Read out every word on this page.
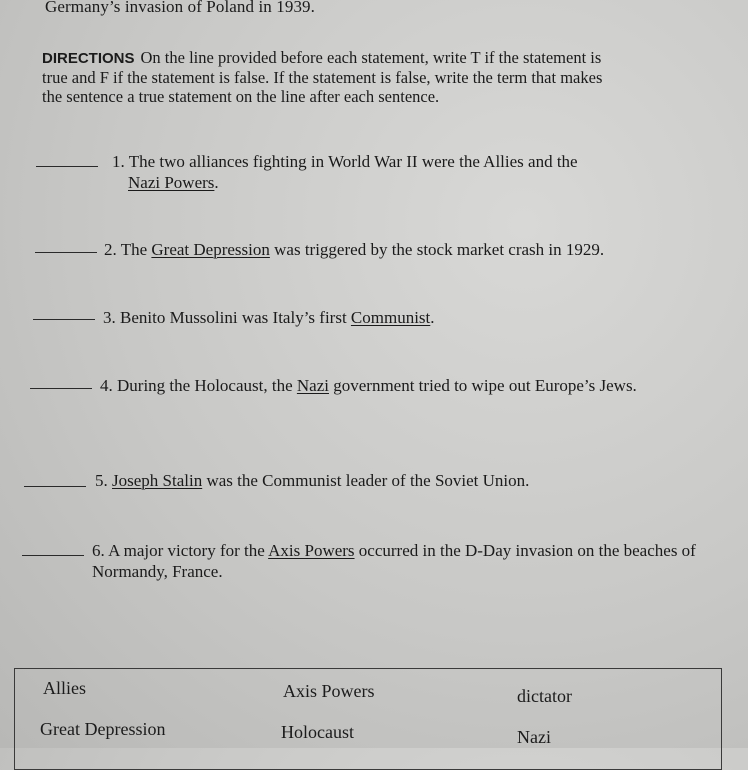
Germany’s invasion of Poland in 1939.
DIRECTIONS On the line provided before each statement, write T if the statement is true and F if the statement is false. If the statement is false, write the term that makes the sentence a true statement on the line after each sentence.
1. The two alliances fighting in World War II were the Allies and the
Nazi Powers.
2. The Great Depression was triggered by the stock market crash in 1929.
3. Benito Mussolini was Italy’s first Communist.
4. During the Holocaust, the Nazi government tried to wipe out Europe’s Jews.
5. Joseph Stalin was the Communist leader of the Soviet Union.
6. A major victory for the Axis Powers occurred in the D-Day invasion on the beaches of Normandy, France.
Allies	Axis Powers	dictator
Great Depression	Holocaust	Nazi
